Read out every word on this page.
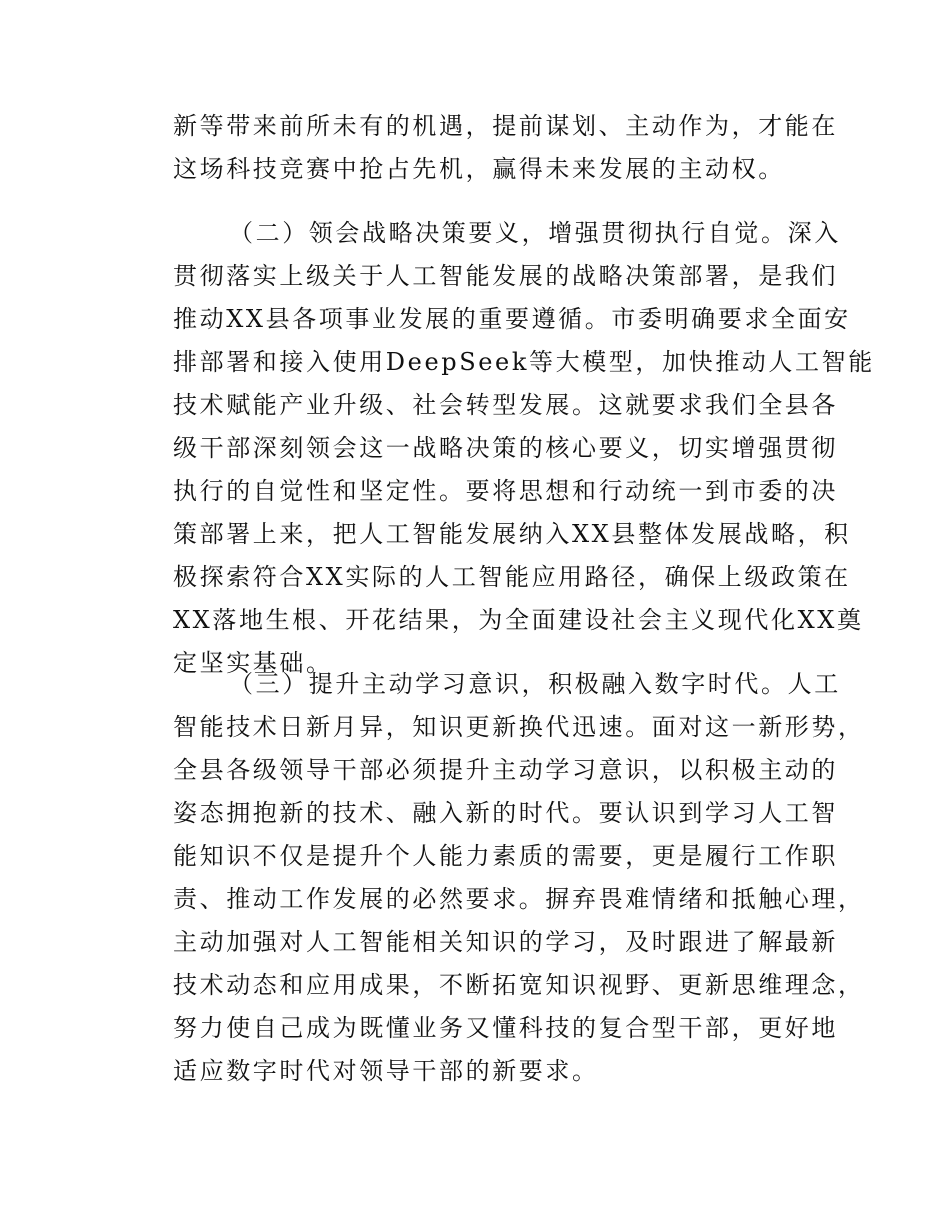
新等带来前所未有的机遇，提前谋划、主动作为，才能在
这场科技竞赛中抢占先机，赢得未来发展的主动权。
（二）领会战略决策要义，增强贯彻执行自觉。深入
贯彻落实上级关于人工智能发展的战略决策部署，是我们
推动XX县各项事业发展的重要遵循。市委明确要求全面安
排部署和接入使用DeepSeek等大模型，加快推动人工智能
技术赋能产业升级、社会转型发展。这就要求我们全县各
级干部深刻领会这一战略决策的核心要义，切实增强贯彻
执行的自觉性和坚定性。要将思想和行动统一到市委的决
策部署上来，把人工智能发展纳入XX县整体发展战略，积
极探索符合XX实际的人工智能应用路径，确保上级政策在
XX落地生根、开花结果，为全面建设社会主义现代化XX奠
定坚实基础。
（三）提升主动学习意识，积极融入数字时代。人工
智能技术日新月异，知识更新换代迅速。面对这一新形势，
全县各级领导干部必须提升主动学习意识，以积极主动的
姿态拥抱新的技术、融入新的时代。要认识到学习人工智
能知识不仅是提升个人能力素质的需要，更是履行工作职
责、推动工作发展的必然要求。摒弃畏难情绪和抵触心理，
主动加强对人工智能相关知识的学习，及时跟进了解最新
技术动态和应用成果，不断拓宽知识视野、更新思维理念，
努力使自己成为既懂业务又懂科技的复合型干部，更好地
适应数字时代对领导干部的新要求。
